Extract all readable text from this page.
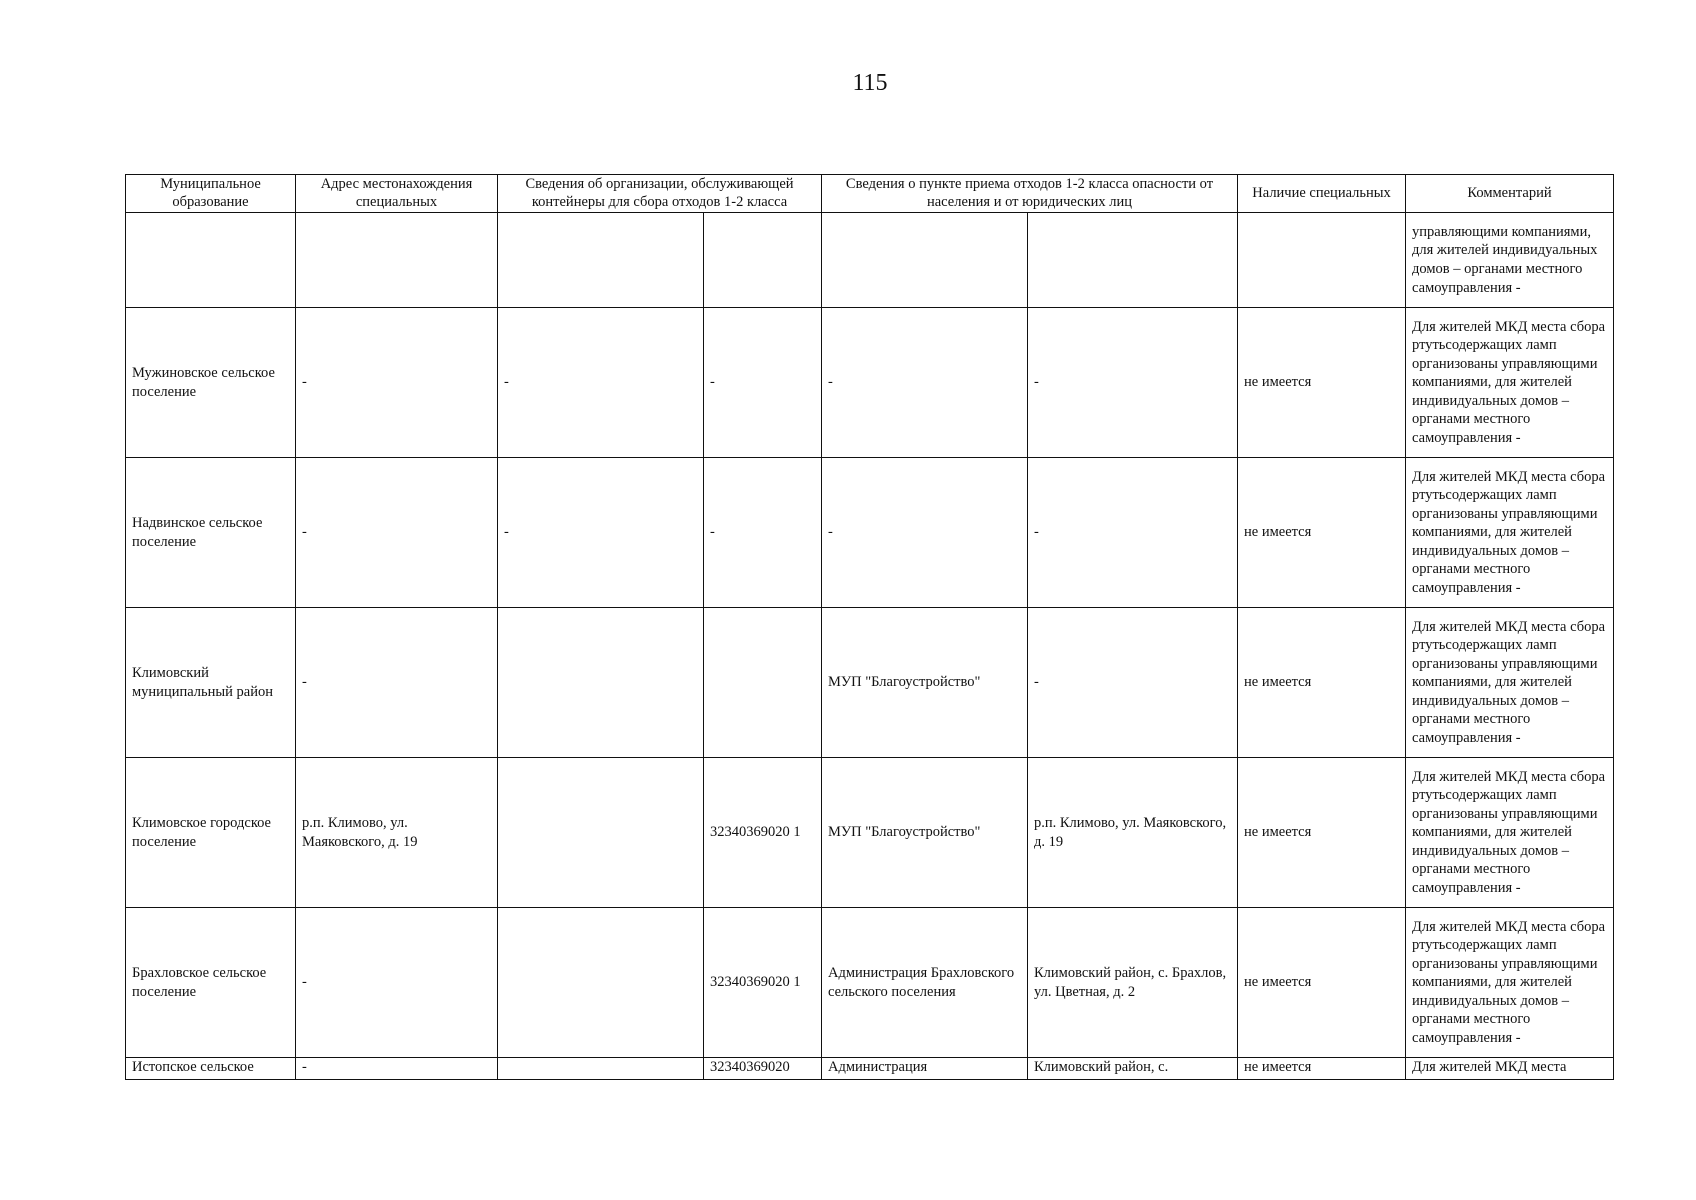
115
Муниципальное образование	Адрес местонахождения специальных	Сведения об организации, обслуживающей контейнеры для сбора отходов 1-2 класса		Сведения о пункте приема отходов 1-2 класса опасности от населения и от юридических лиц		Наличие специальных	Комментарий
							управляющими компаниями, для жителей индивидуальных домов – органами местного самоуправления -
Мужиновское сельское поселение	-	-	-	-	-	не имеется	Для жителей МКД места сбора ртутьсодержащих ламп организованы управляющими компаниями, для жителей индивидуальных домов – органами местного самоуправления -
Надвинское сельское поселение	-	-	-	-	-	не имеется	Для жителей МКД места сбора ртутьсодержащих ламп организованы управляющими компаниями, для жителей индивидуальных домов – органами местного самоуправления -
Климовский муниципальный район	-			МУП "Благоустройство"	-	не имеется	Для жителей МКД места сбора ртутьсодержащих ламп организованы управляющими компаниями, для жителей индивидуальных домов – органами местного самоуправления -
Климовское городское поселение	р.п. Климово, ул. Маяковского, д. 19		32340369020 1	МУП "Благоустройство"	р.п. Климово, ул. Маяковского, д. 19	не имеется	Для жителей МКД места сбора ртутьсодержащих ламп организованы управляющими компаниями, для жителей индивидуальных домов – органами местного самоуправления -
Брахловское сельское поселение	-		32340369020 1	Администрация Брахловского сельского поселения	Климовский район, с. Брахлов, ул. Цветная, д. 2	не имеется	Для жителей МКД места сбора ртутьсодержащих ламп организованы управляющими компаниями, для жителей индивидуальных домов – органами местного самоуправления -
Истопское сельское	-		32340369020	Администрация	Климовский район, с.	не имеется	Для жителей МКД места
